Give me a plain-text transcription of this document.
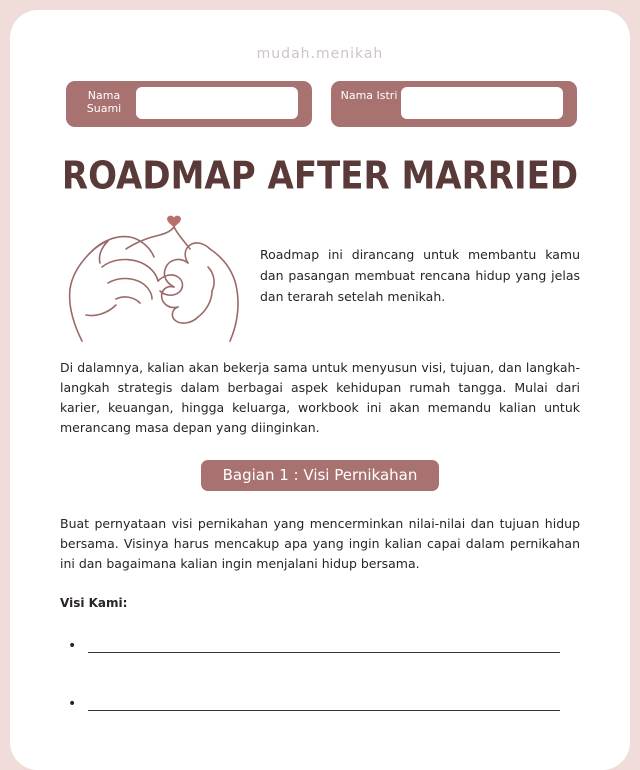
mudah.menikah
Nama Suami
Nama Istri
ROADMAP AFTER MARRIED
Roadmap ini dirancang untuk membantu kamu dan pasangan membuat rencana hidup yang jelas dan terarah setelah menikah.
Di dalamnya, kalian akan bekerja sama untuk menyusun visi, tujuan, dan langkah-langkah strategis dalam berbagai aspek kehidupan rumah tangga. Mulai dari karier, keuangan, hingga keluarga, workbook ini akan memandu kalian untuk merancang masa depan yang diinginkan.
Bagian 1 : Visi Pernikahan
Buat pernyataan visi pernikahan yang mencerminkan nilai-nilai dan tujuan hidup bersama. Visinya harus mencakup apa yang ingin kalian capai dalam pernikahan ini dan bagaimana kalian ingin menjalani hidup bersama.
Visi Kami:
•
•
